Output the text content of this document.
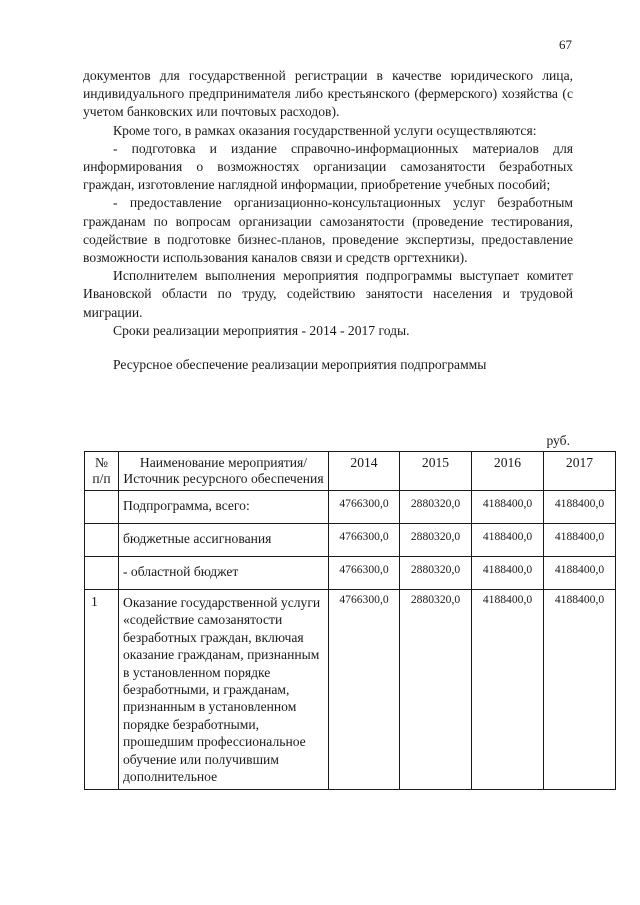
67

документов для государственной регистрации в качестве юридического лица, индивидуального предпринимателя либо крестьянского (фермерского) хозяйства (с учетом банковских или почтовых расходов).

Кроме того, в рамках оказания государственной услуги осуществляются:

- подготовка и издание справочно-информационных материалов для информирования о возможностях организации самозанятости безработных граждан, изготовление наглядной информации, приобретение учебных пособий;

- предоставление организационно-консультационных услуг безработным гражданам по вопросам организации самозанятости (проведение тестирования, содействие в подготовке бизнес-планов, проведение экспертизы, предоставление возможности использования каналов связи и средств оргтехники).

Исполнителем выполнения мероприятия подпрограммы выступает комитет Ивановской области по труду, содействию занятости населения и трудовой миграции.

Сроки реализации мероприятия - 2014 - 2017 годы.

Ресурсное обеспечение реализации мероприятия подпрограммы

руб.
№ п/п	Наименование мероприятия/Источник ресурсного обеспечения	2014	2015	2016	2017
	Подпрограмма, всего:	4766300,0	2880320,0	4188400,0	4188400,0
	бюджетные ассигнования	4766300,0	2880320,0	4188400,0	4188400,0
	- областной бюджет	4766300,0	2880320,0	4188400,0	4188400,0
1	Оказание государственной услуги «содействие самозанятости безработных граждан, включая оказание гражданам, признанным в установленном порядке безработными, и гражданам, признанным в установленном порядке безработными, прошедшим профессиональное обучение или получившим дополнительное	4766300,0	2880320,0	4188400,0	4188400,0
